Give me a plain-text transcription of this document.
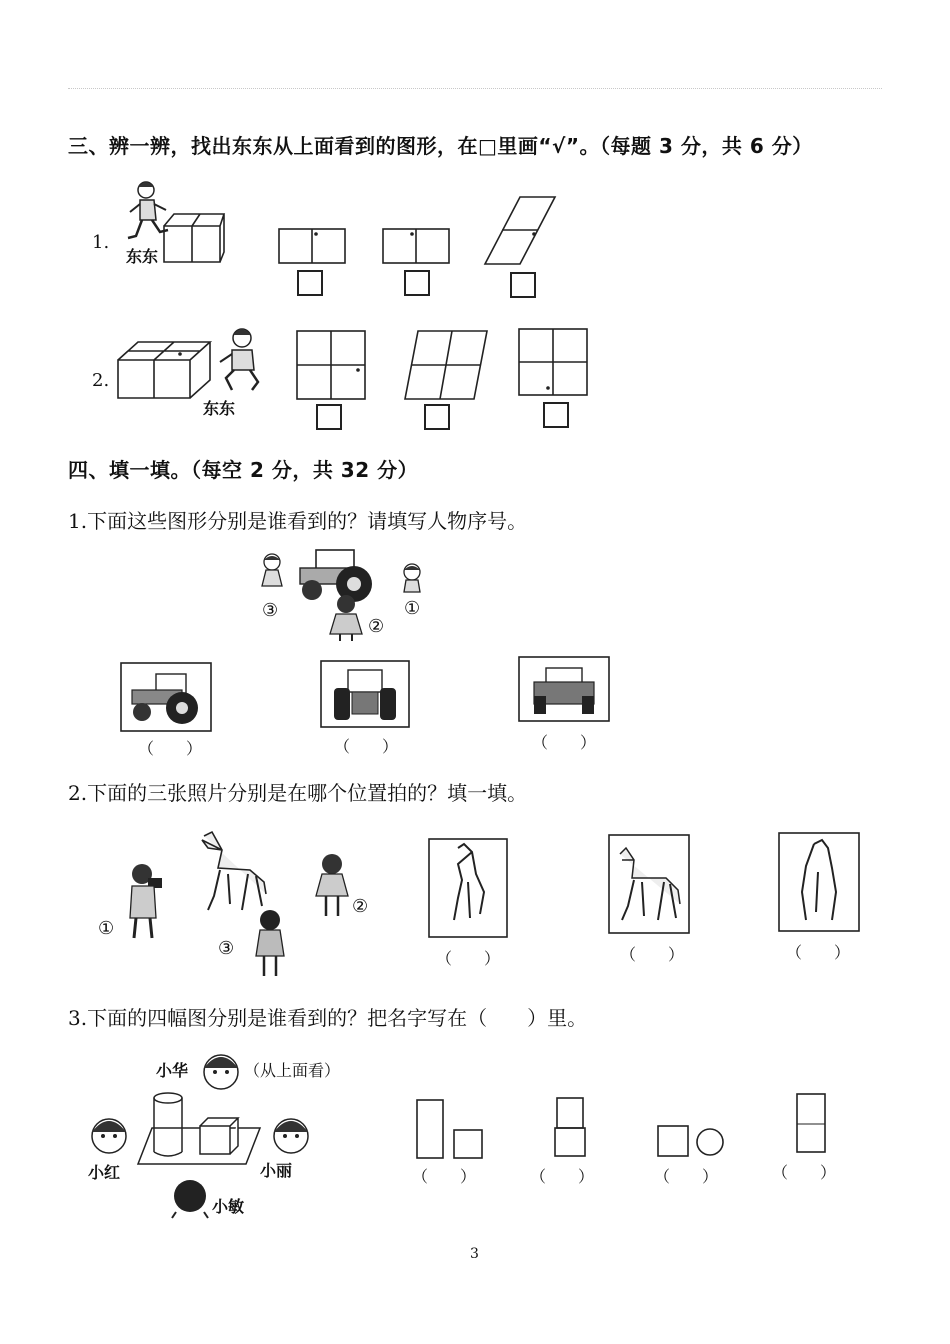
三、辨一辨，找出东东从上面看到的图形，在□里画“√”。（每题 3 分，共 6 分）
1.
东东
2.
东东
四、填一填。（每空 2 分，共 32 分）
1.下面这些图形分别是谁看到的？请填写人物序号。
③
②
①
（　　）	（　　）	（　　）
2.下面的三张照片分别是在哪个位置拍的？填一填。
①
③
②
（　　）	（　　）	（　　）
3.下面的四幅图分别是谁看到的？把名字写在（　　）里。
小华	（从上面看）
小红	小丽
小敏
（　　）	（　　）	（　　）	（　　）
3
